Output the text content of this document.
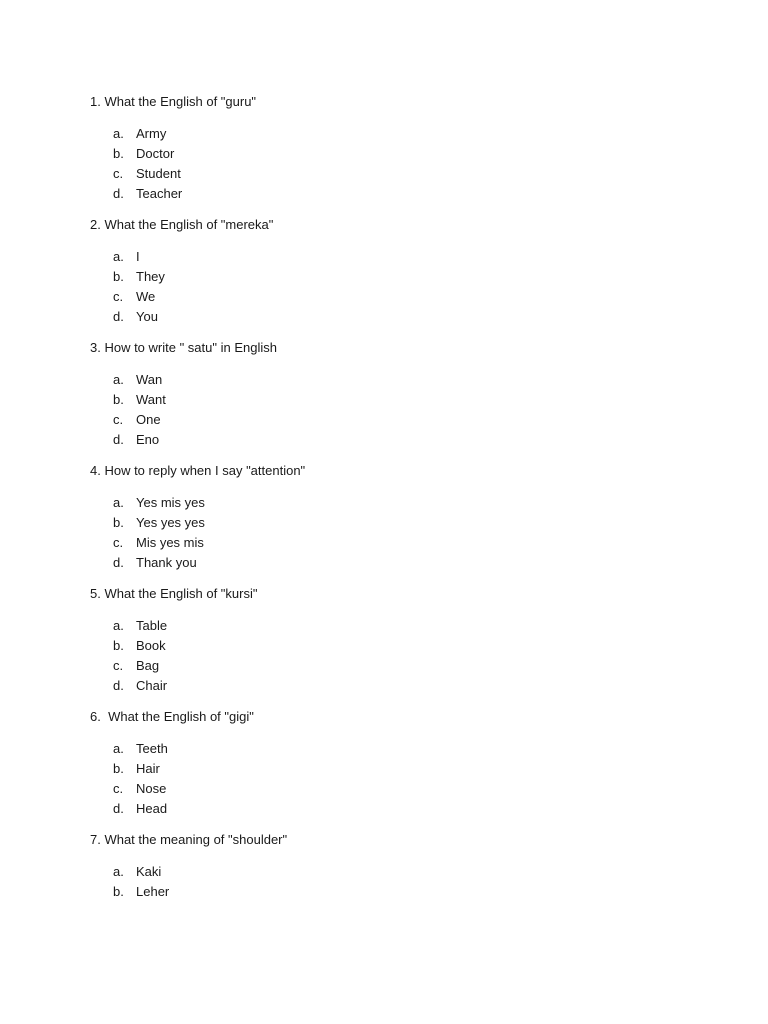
1. What the English of "guru"

a. Army
b. Doctor
c. Student
d. Teacher

2. What the English of "mereka"

a. I
b. They
c. We
d. You

3. How to write " satu" in English

a. Wan
b. Want
c. One
d. Eno

4. How to reply when I say "attention"

a. Yes mis yes
b. Yes yes yes
c. Mis yes mis
d. Thank you

5. What the English of "kursi"

a. Table
b. Book
c. Bag
d. Chair

6.  What the English of "gigi"

a. Teeth
b. Hair
c. Nose
d. Head

7. What the meaning of "shoulder"

a. Kaki
b. Leher
